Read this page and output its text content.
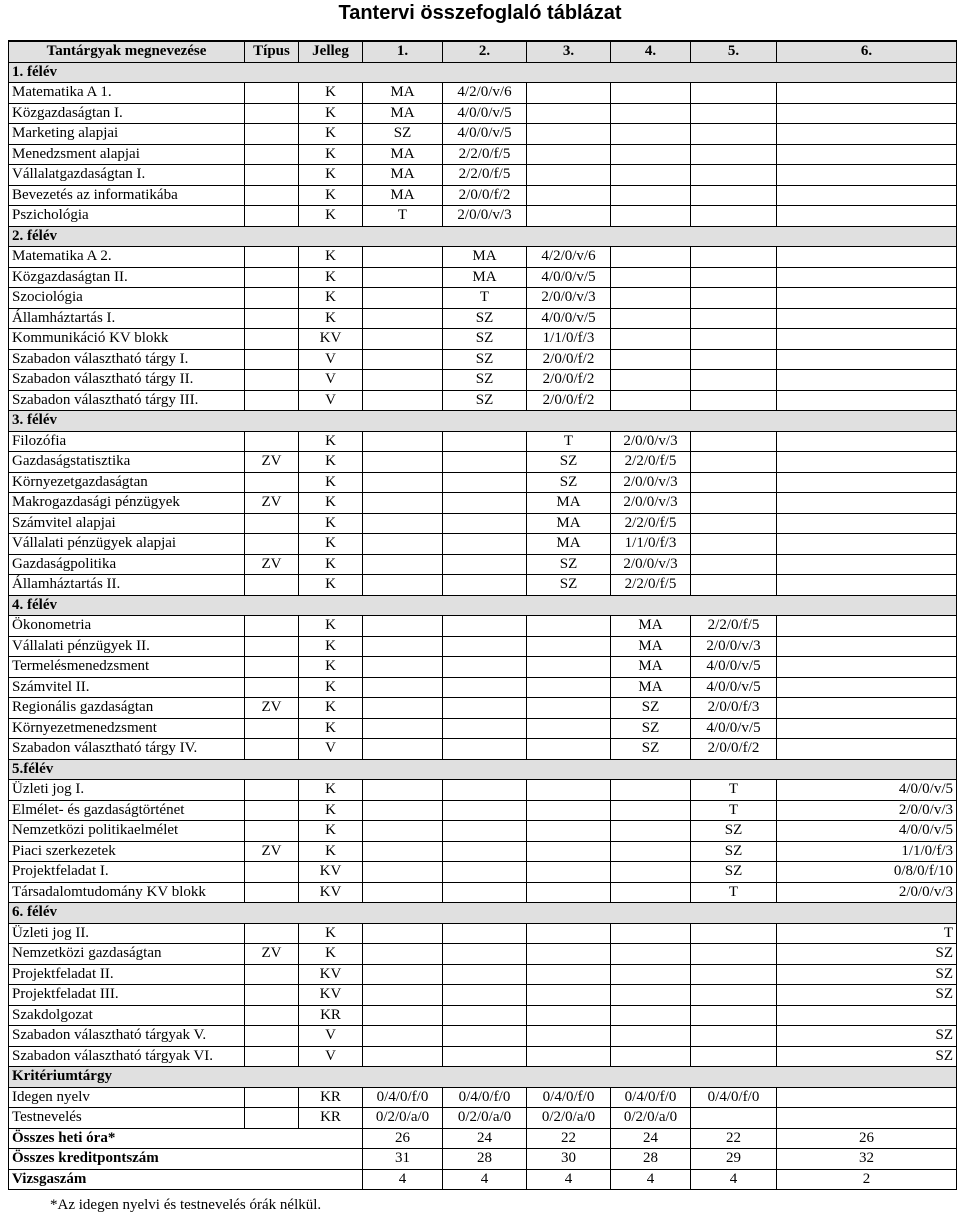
Tantervi összefoglaló táblázat
Tantárgyak megnevezése	Típus	Jelleg	1.	2.	3.	4.	5.	6.
1. félév								
Matematika A 1.		K	MA	4/2/0/v/6				
Közgazdaságtan I.		K	MA	4/0/0/v/5				
Marketing alapjai		K	SZ	4/0/0/v/5				
Menedzsment alapjai		K	MA	2/2/0/f/5				
Vállalatgazdaságtan I.		K	MA	2/2/0/f/5				
Bevezetés az informatikába		K	MA	2/0/0/f/2				
Pszichológia		K	T	2/0/0/v/3				
2. félév								
Matematika A 2.		K		MA	4/2/0/v/6			
Közgazdaságtan II.		K		MA	4/0/0/v/5			
Szociológia		K		T	2/0/0/v/3			
Államháztartás I.		K		SZ	4/0/0/v/5			
Kommunikáció KV blokk		KV		SZ	1/1/0/f/3			
Szabadon választható tárgy I.		V		SZ	2/0/0/f/2			
Szabadon választható tárgy II.		V		SZ	2/0/0/f/2			
Szabadon választható tárgy III.		V		SZ	2/0/0/f/2			
3. félév								
Filozófia		K			T	2/0/0/v/3		
Gazdaságstatisztika	ZV	K			SZ	2/2/0/f/5		
Környezetgazdaságtan		K			SZ	2/0/0/v/3		
Makrogazdasági pénzügyek	ZV	K			MA	2/0/0/v/3		
Számvitel alapjai		K			MA	2/2/0/f/5		
Vállalati pénzügyek alapjai		K			MA	1/1/0/f/3		
Gazdaságpolitika	ZV	K			SZ	2/0/0/v/3		
Államháztartás II.		K			SZ	2/2/0/f/5		
4. félév								
Ökonometria		K				MA	2/2/0/f/5	
Vállalati pénzügyek II.		K				MA	2/0/0/v/3	
Termelésmenedzsment		K				MA	4/0/0/v/5	
Számvitel II.		K				MA	4/0/0/v/5	
Regionális gazdaságtan	ZV	K				SZ	2/0/0/f/3	
Környezetmenedzsment		K				SZ	4/0/0/v/5	
Szabadon választható tárgy IV.		V				SZ	2/0/0/f/2	
5.félév								
Üzleti jog I.		K					T	4/0/0/v/5
Elmélet- és gazdaságtörténet		K					T	2/0/0/v/3
Nemzetközi politikaelmélet		K					SZ	4/0/0/v/5
Piaci szerkezetek	ZV	K					SZ	1/1/0/f/3
Projektfeladat I.		KV					SZ	0/8/0/f/10
Társadalomtudomány KV blokk		KV					T	2/0/0/v/3
6. félév								
Üzleti jog II.		K						T
Nemzetközi gazdaságtan	ZV	K						SZ
Projektfeladat II.		KV						SZ
Projektfeladat III.		KV						SZ
Szakdolgozat		KR						
Szabadon választható tárgyak V.		V						SZ
Szabadon választható tárgyak VI.		V						SZ
Kritériumtárgy								
Idegen nyelv		KR	0/4/0/f/0	0/4/0/f/0	0/4/0/f/0	0/4/0/f/0	0/4/0/f/0	
Testnevelés		KR	0/2/0/a/0	0/2/0/a/0	0/2/0/a/0	0/2/0/a/0		
Összes heti óra*			26	24	22	24	22	26
Összes kreditpontszám			31	28	30	28	29	32
Vizsgaszám			4	4	4	4	4	2
*Az idegen nyelvi és testnevelés órák nélkül.
